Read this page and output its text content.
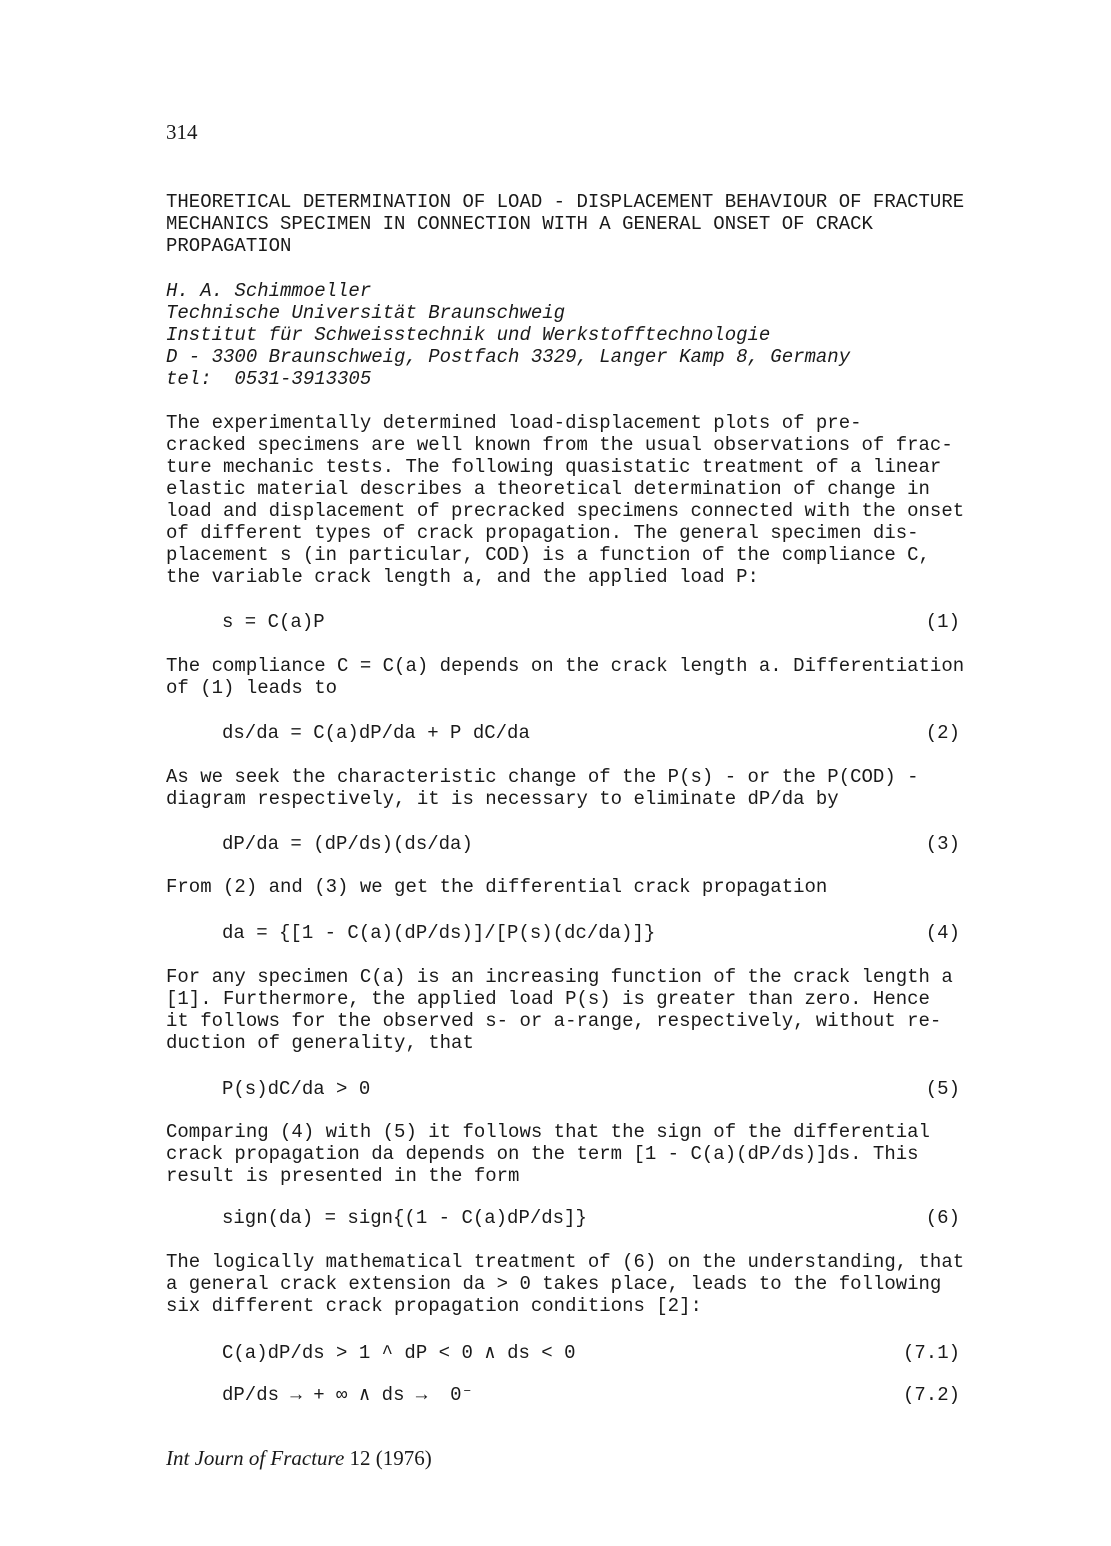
314
THEORETICAL DETERMINATION OF LOAD - DISPLACEMENT BEHAVIOUR OF FRACTURE
MECHANICS SPECIMEN IN CONNECTION WITH A GENERAL ONSET OF CRACK
PROPAGATION
H. A. Schimmoeller
Technische Universität Braunschweig
Institut für Schweisstechnik und Werkstofftechnologie
D - 3300 Braunschweig, Postfach 3329, Langer Kamp 8, Germany
tel:  0531-3913305
The experimentally determined load-displacement plots of pre-
cracked specimens are well known from the usual observations of frac-
ture mechanic tests. The following quasistatic treatment of a linear
elastic material describes a theoretical determination of change in
load and displacement of precracked specimens connected with the onset
of different types of crack propagation. The general specimen dis-
placement s (in particular, COD) is a function of the compliance C,
the variable crack length a, and the applied load P:
s = C(a)P	(1)
The compliance C = C(a) depends on the crack length a. Differentiation
of (1) leads to
ds/da = C(a)dP/da + P dC/da	(2)
As we seek the characteristic change of the P(s) - or the P(COD) -
diagram respectively, it is necessary to eliminate dP/da by
dP/da = (dP/ds)(ds/da)	(3)
From (2) and (3) we get the differential crack propagation
da = {[1 - C(a)(dP/ds)]/[P(s)(dc/da)]}	(4)
For any specimen C(a) is an increasing function of the crack length a
[1]. Furthermore, the applied load P(s) is greater than zero. Hence
it follows for the observed s- or a-range, respectively, without re-
duction of generality, that
P(s)dC/da > 0	(5)
Comparing (4) with (5) it follows that the sign of the differential
crack propagation da depends on the term [1 - C(a)(dP/ds)]ds. This
result is presented in the form
sign(da) = sign{(1 - C(a)dP/ds]}	(6)
The logically mathematical treatment of (6) on the understanding, that
a general crack extension da > 0 takes place, leads to the following
six different crack propagation conditions [2]:
C(a)dP/ds > 1 ^ dP < 0 ∧ ds < 0	(7.1)
dP/ds → + ∞ ∧ ds →  0⁻	(7.2)
Int Journ of Fracture 12 (1976)
